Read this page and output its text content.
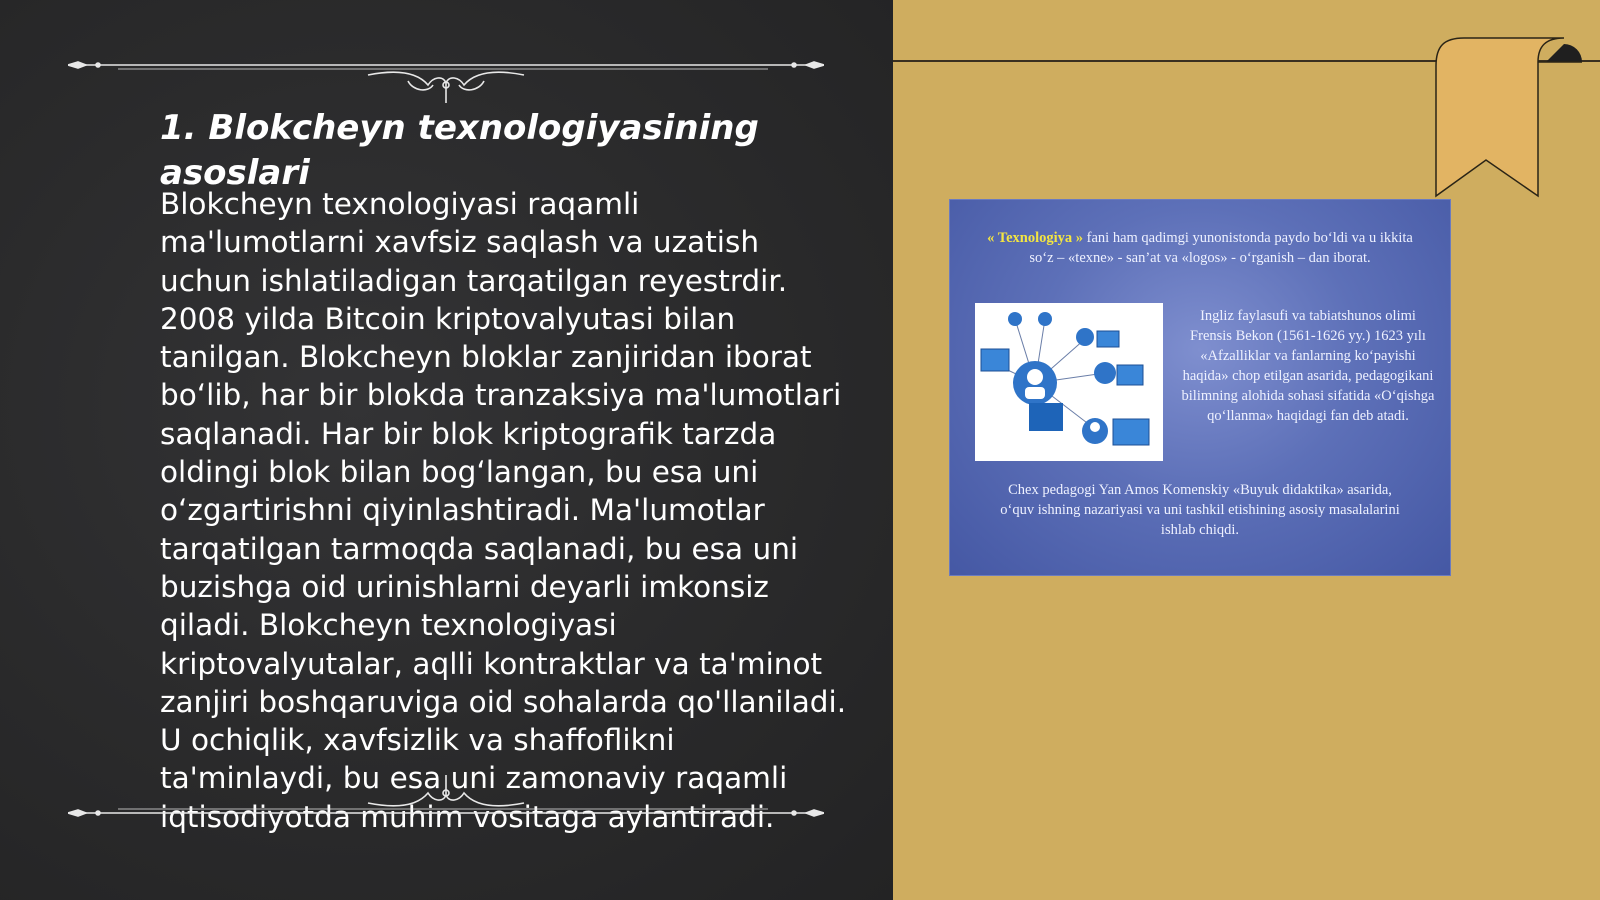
1. Blokcheyn texnologiyasining asoslari

Blokcheyn texnologiyasi raqamli ma'lumotlarni xavfsiz saqlash va uzatish uchun ishlatiladigan tarqatilgan reyestrdir. 2008 yilda Bitcoin kriptovalyutasi bilan tanilgan. Blokcheyn bloklar zanjiridan iborat bo‘lib, har bir blokda tranzaksiya ma'lumotlari saqlanadi. Har bir blok kriptografik tarzda oldingi blok bilan bog‘langan, bu esa uni o‘zgartirishni qiyinlashtiradi. Ma'lumotlar tarqatilgan tarmoqda saqlanadi, bu esa uni buzishga oid urinishlarni deyarli imkonsiz qiladi. Blokcheyn texnologiyasi kriptovalyutalar, aqlli kontraktlar va ta'minot zanjiri boshqaruviga oid sohalarda qo'llaniladi. U ochiqlik, xavfsizlik va shaffoflikni ta'minlaydi, bu esa uni zamonaviy raqamli iqtisodiyotda muhim vositaga aylantiradi.

« Texnologiya » fani ham qadimgi yunonistonda paydo bo‘ldi va u ikkita so‘z – «texne» - san’at va «logos» - o‘rganish – dan iborat.

Ingliz faylasufi va tabiatshunos olimi Frensis Bekon (1561-1626 yy.) 1623 yılı «Afzalliklar va fanlarning ko‘payishi haqida» chop etilgan asarida, pedagogikani bilimning alohida sohasi sifatida «O‘qishga qo‘llanma» haqidagi fan deb atadi.

Chex pedagogi Yan Amos Komenskiy «Buyuk didaktika» asarida, o‘quv ishning nazariyasi va uni tashkil etishining asosiy masalalarini ishlab chiqdi.
